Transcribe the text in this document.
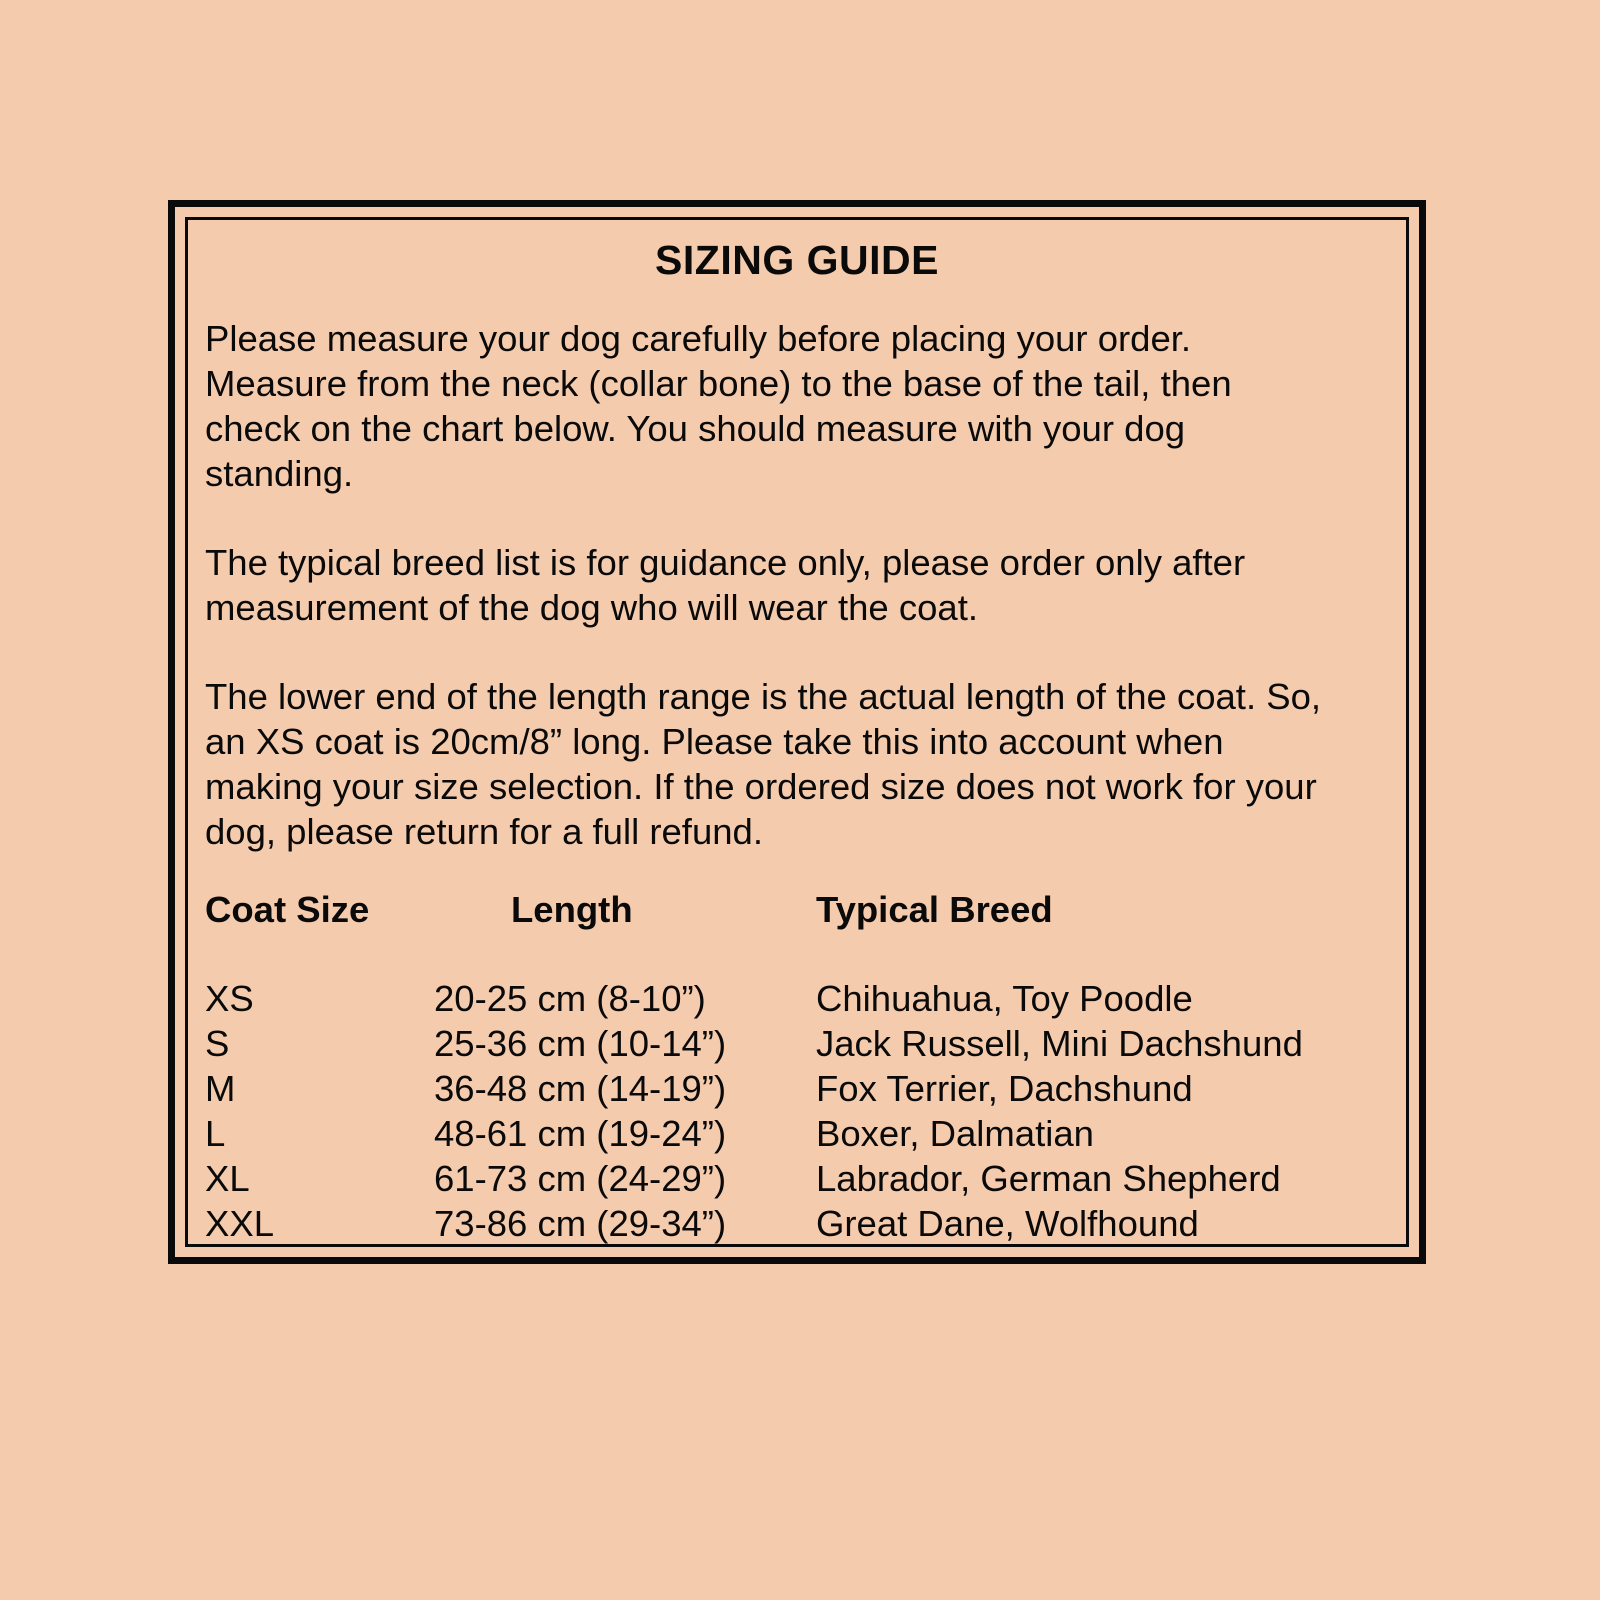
SIZING GUIDE

Please measure your dog carefully before placing your order.
Measure from the neck (collar bone) to the base of the tail, then
check on the chart below. You should measure with your dog
standing.

The typical breed list is for guidance only, please order only after
measurement of the dog who will wear the coat.

The lower end of the length range is the actual length of the coat. So,
an XS coat is 20cm/8” long. Please take this into account when
making your size selection. If the ordered size does not work for your
dog, please return for a full refund.

Coat Size	Length	Typical Breed
XS	20-25 cm (8-10”)	Chihuahua, Toy Poodle
S	25-36 cm (10-14”) Jack Russell, Mini Dachshund
M	36-48 cm (14-19”) Fox Terrier, Dachshund
L	48-61 cm (19-24”) Boxer, Dalmatian
XL	61-73 cm (24-29”) Labrador, German Shepherd
XXL	73-86 cm (29-34”) Great Dane, Wolfhound
